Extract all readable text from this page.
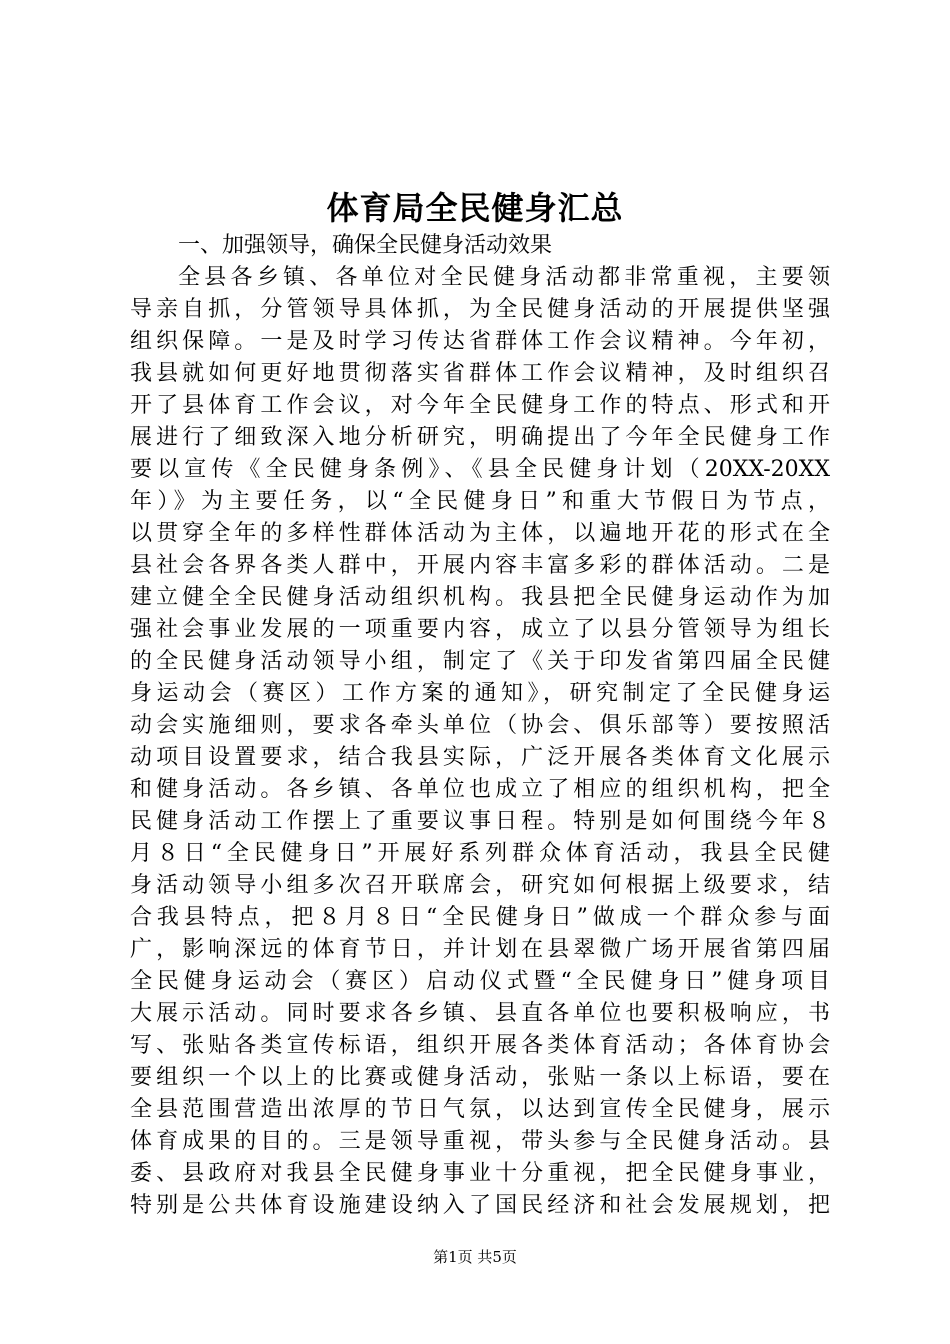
体育局全民健身汇总

一、加强领导，确保全民健身活动效果

全县各乡镇、各单位对全民健身活动都非常重视，主要领
导亲自抓，分管领导具体抓，为全民健身活动的开展提供坚强
组织保障。一是及时学习传达省群体工作会议精神。今年初，
我县就如何更好地贯彻落实省群体工作会议精神，及时组织召
开了县体育工作会议，对今年全民健身工作的特点、形式和开
展进行了细致深入地分析研究，明确提出了今年全民健身工作
要以宣传《全民健身条例》、《县全民健身计划（20XX-20XX
年）》为主要任务，以“全民健身日”和重大节假日为节点，
以贯穿全年的多样性群体活动为主体，以遍地开花的形式在全
县社会各界各类人群中，开展内容丰富多彩的群体活动。二是
建立健全全民健身活动组织机构。我县把全民健身运动作为加
强社会事业发展的一项重要内容，成立了以县分管领导为组长
的全民健身活动领导小组，制定了《关于印发省第四届全民健
身运动会（赛区）工作方案的通知》，研究制定了全民健身运
动会实施细则，要求各牵头单位（协会、俱乐部等）要按照活
动项目设置要求，结合我县实际，广泛开展各类体育文化展示
和健身活动。各乡镇、各单位也成立了相应的组织机构，把全
民健身活动工作摆上了重要议事日程。特别是如何围绕今年８
月８日“全民健身日”开展好系列群众体育活动，我县全民健
身活动领导小组多次召开联席会，研究如何根据上级要求，结
合我县特点，把８月８日“全民健身日”做成一个群众参与面
广，影响深远的体育节日，并计划在县翠微广场开展省第四届
全民健身运动会（赛区）启动仪式暨“全民健身日”健身项目
大展示活动。同时要求各乡镇、县直各单位也要积极响应，书
写、张贴各类宣传标语，组织开展各类体育活动；各体育协会
要组织一个以上的比赛或健身活动，张贴一条以上标语，要在
全县范围营造出浓厚的节日气氛，以达到宣传全民健身，展示
体育成果的目的。三是领导重视，带头参与全民健身活动。县
委、县政府对我县全民健身事业十分重视，把全民健身事业，
特别是公共体育设施建设纳入了国民经济和社会发展规划，把

第1页 共5页
